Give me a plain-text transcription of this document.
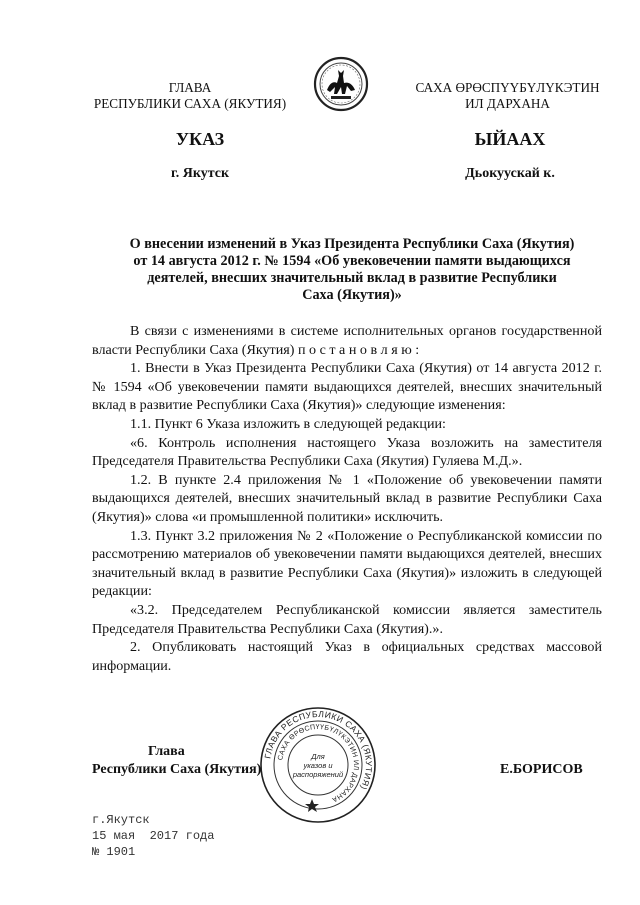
ГЛАВА
РЕСПУБЛИКИ САХА (ЯКУТИЯ)
САХА ӨРӨСПҮҮБҮЛҮКЭТИН
ИЛ ДАРХАНА
УКАЗ	ЫЙААХ
г. Якутск	Дьокуускай к.
О внесении изменений в Указ Президента Республики Саха (Якутия)
от 14 августа 2012 г. № 1594 «Об увековечении памяти выдающихся
деятелей, внесших значительный вклад в развитие Республики
Саха (Якутия)»

В связи с изменениями в системе исполнительных органов государственной власти Республики Саха (Якутия) п о с т а н о в л я ю :

1. Внести в Указ Президента Республики Саха (Якутия) от 14 августа 2012 г. № 1594 «Об увековечении памяти выдающихся деятелей, внесших значительный вклад в развитие Республики Саха (Якутия)» следующие изменения:

1.1. Пункт 6 Указа изложить в следующей редакции:

«6. Контроль исполнения настоящего Указа возложить на заместителя Председателя Правительства Республики Саха (Якутия) Гуляева М.Д.».

1.2. В пункте 2.4 приложения № 1 «Положение об увековечении памяти выдающихся деятелей, внесших значительный вклад в развитие Республики Саха (Якутия)» слова «и промышленной политики» исключить.

1.3. Пункт 3.2 приложения № 2 «Положение о Республиканской комиссии по рассмотрению материалов об увековечении памяти выдающихся деятелей, внесших значительный вклад в развитие Республики Саха (Якутия)» изложить в следующей редакции:

«3.2. Председателем Республиканской комиссии является заместитель Председателя Правительства Республики Саха (Якутия).».

2. Опубликовать настоящий Указ в официальных средствах массовой информации.

Глава
Республики Саха (Якутия)	Е.БОРИСОВ
ГЛАВА РЕСПУБЛИКИ САХА (ЯКУТИЯ)
САХА ӨРӨСПҮҮБҮЛҮКЭТИН ИЛ ДАРХАНА
Для
указов и
распоряжений
г.Якутск
15 мая  2017 года
№ 1901
